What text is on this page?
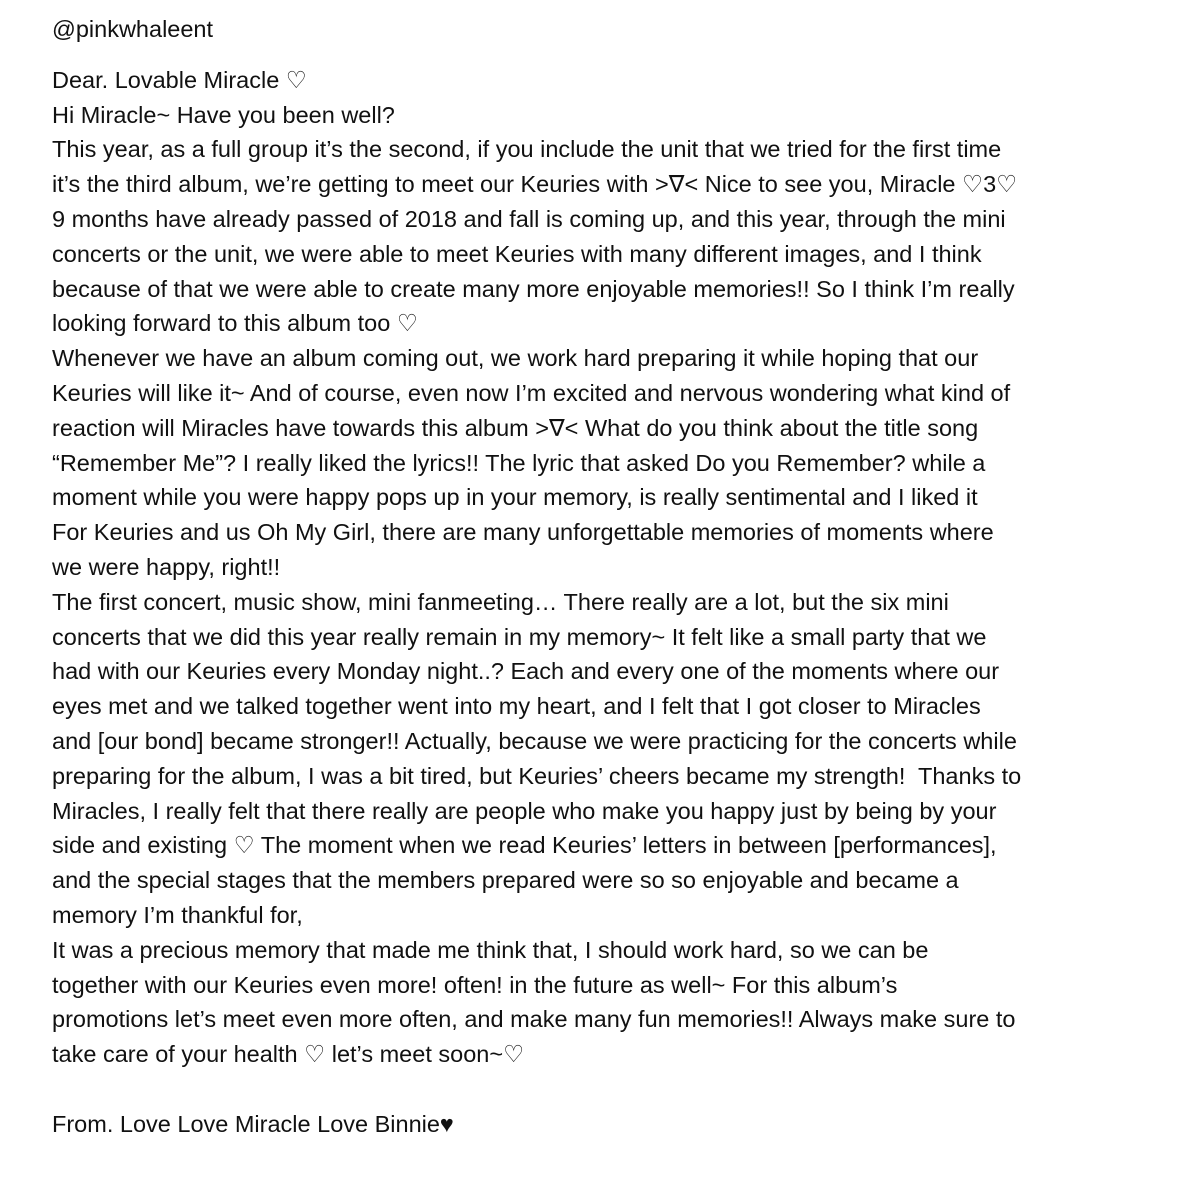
@pinkwhaleent

Dear. Lovable Miracle ♡

Hi Miracle~ Have you been well?

This year, as a full group it’s the second, if you include the unit that we tried for the first time

it’s the third album, we’re getting to meet our Keuries with >∇< Nice to see you, Miracle ♡3♡

9 months have already passed of 2018 and fall is coming up, and this year, through the mini

concerts or the unit, we were able to meet Keuries with many different images, and I think

because of that we were able to create many more enjoyable memories!! So I think I’m really

looking forward to this album too ♡

Whenever we have an album coming out, we work hard preparing it while hoping that our

Keuries will like it~ And of course, even now I’m excited and nervous wondering what kind of

reaction will Miracles have towards this album >∇< What do you think about the title song

“Remember Me”? I really liked the lyrics!! The lyric that asked Do you Remember? while a

moment while you were happy pops up in your memory, is really sentimental and I liked it

For Keuries and us Oh My Girl, there are many unforgettable memories of moments where

we were happy, right!!

The first concert, music show, mini fanmeeting… There really are a lot, but the six mini

concerts that we did this year really remain in my memory~ It felt like a small party that we

had with our Keuries every Monday night..? Each and every one of the moments where our

eyes met and we talked together went into my heart, and I felt that I got closer to Miracles

and [our bond] became stronger!! Actually, because we were practicing for the concerts while

preparing for the album, I was a bit tired, but Keuries’ cheers became my strength!  Thanks to

Miracles, I really felt that there really are people who make you happy just by being by your

side and existing ♡ The moment when we read Keuries’ letters in between [performances],

and the special stages that the members prepared were so so enjoyable and became a

memory I’m thankful for,

It was a precious memory that made me think that, I should work hard, so we can be

together with our Keuries even more! often! in the future as well~ For this album’s

promotions let’s meet even more often, and make many fun memories!! Always make sure to

take care of your health ♡ let’s meet soon~♡

From. Love Love Miracle Love Binnie♥
